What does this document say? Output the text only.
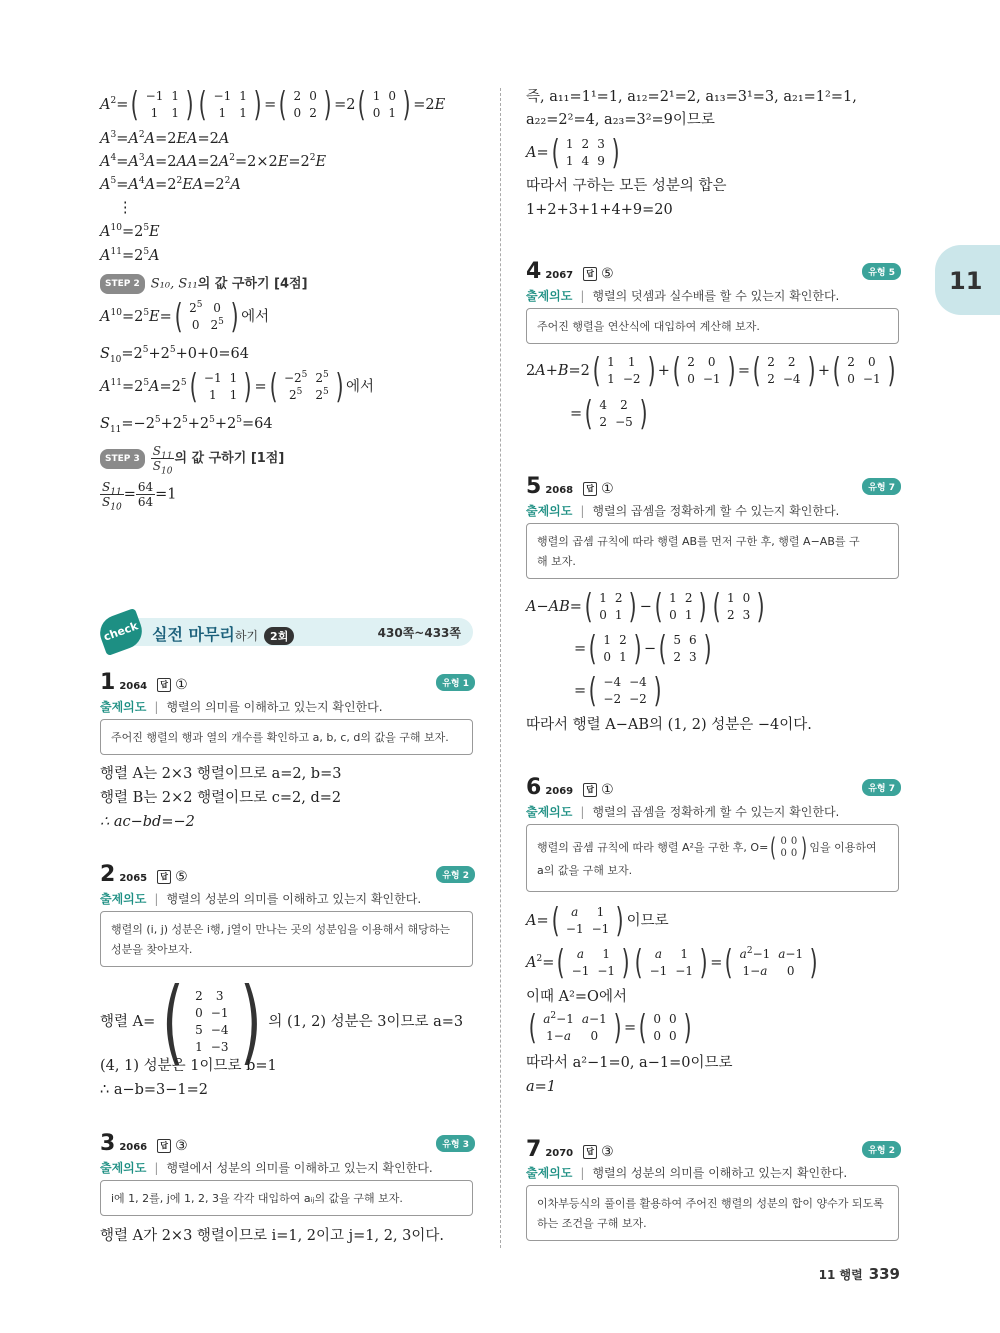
11
$A^2=$ ( −1	1
1	1 ) ( −1	1
1	1 ) = ( 2	0
0	2 ) =2 ( 1	0
0	1 ) =2E
$A^3=A^2A=2EA=2A$
$A^4=A^3A=2AA=2A^2=2\times 2E=2^2E$
$A^5=A^4A=2^2EA=2^2A$
⋮
$A^{10}=2^5E$
$A^{11}=2^5A$
STEP 2 S₁₀, S₁₁의 값 구하기 [4점]
$A^{10}=2^5E=$ ( $2^5$	0
0	$2^5$ ) 에서
$S_{10}=2^5+2^5+0+0=64$
$A^{11}=2^5A=2^5$ ( −1	1
1	1 ) = ( $-2^5$	$2^5$
$2^5$	$2^5$ ) 에서
$S_{11}=-2^5+2^5+2^5+2^5=64$
STEP $3 \frac{S_{11}}{S_{10}}$ 의 값 구하기 [1점]
$\frac{S_{11}}{S_{10}} = \frac{64}{64} =1$
check 실전 마무리하기 2회	430쪽~433쪽
1 2064 답 ①	유형 1
출제의도 | 행렬의 의미를 이해하고 있는지 확인한다.
주어진 행렬의 행과 열의 개수를 확인하고 a, b, c, d의 값을 구해 보자.
행렬 A는 2×3 행렬이므로 a=2, b=3
행렬 B는 2×2 행렬이므로 c=2, d=2
∴ ac−bd=−2
2 2065 답 ⑤	유형 2
출제의도 | 행렬의 성분의 의미를 이해하고 있는지 확인한다.
행렬의 (i, j) 성분은 i행, j열이 만나는 곳의 성분임을 이용해서 해당하는
성분을 찾아보자.
행렬 A= ( 2	3
0	−1
5	−4
1	−3 ) 의 (1, 2) 성분은 3이므로 a=3
(4, 1) 성분은 1이므로 b=1
∴ a−b=3−1=2
3 2066 답 ③	유형 3
출제의도 | 행렬에서 성분의 의미를 이해하고 있는지 확인한다.
i에 1, 2를, j에 1, 2, 3을 각각 대입하여 aᵢⱼ의 값을 구해 보자.
행렬 A가 2×3 행렬이므로 i=1, 2이고 j=1, 2, 3이다.
즉, a₁₁=1¹=1, a₁₂=2¹=2, a₁₃=3¹=3, a₂₁=1²=1,
a₂₂=2²=4, a₂₃=3²=9이므로
A= ( 1	2	3
1	4	9 )
따라서 구하는 모든 성분의 합은
1+2+3+1+4+9=20
4 2067 답 ⑤	유형 5
출제의도 | 행렬의 덧셈과 실수배를 할 수 있는지 확인한다.
주어진 행렬을 연산식에 대입하여 계산해 보자.
2A+B=2 ( 1	1
1	−2 ) + ( 2	0
0	−1 ) = ( 2	2
2	−4 ) + ( 2	0
0	−1 )
= ( 4	2
2	−5 )
5 2068 답 ①	유형 7
출제의도 | 행렬의 곱셈을 정확하게 할 수 있는지 확인한다.
행렬의 곱셈 규칙에 따라 행렬 AB를 먼저 구한 후, 행렬 A−AB를 구
해 보자.
A−AB= ( 1	2
0	1 ) − ( 1	2
0	1 ) ( 1	0
2	3 )
= ( 1	2
0	1 ) − ( 5	6
2	3 )
= ( −4	−4
−2	−2 )
따라서 행렬 A−AB의 (1, 2) 성분은 −4이다.
6 2069 답 ①	유형 7
출제의도 | 행렬의 곱셈을 정확하게 할 수 있는지 확인한다.
행렬의 곱셈 규칙에 따라 행렬 A²을 구한 후, O= ( 0	0
0	0 ) 임을 이용하여
a의 값을 구해 보자.
A= ( a	1
−1	−1 ) 이므로
$A^2=$ ( a	1
−1	−1 ) ( a	1
−1	−1 ) = ( $a^2-1$	a−1
1−a	0 )
이때 A²=O에서
( $a^2-1$	a−1
1−a	0 ) = ( 0	0
0	0 )
따라서 a²−1=0, a−1=0이므로
a=1
7 2070 답 ③	유형 2
출제의도 | 행렬의 성분의 의미를 이해하고 있는지 확인한다.
이차부등식의 풀이를 활용하여 주어진 행렬의 성분의 합이 양수가 되도록
하는 조건을 구해 보자.
11 행렬 339
